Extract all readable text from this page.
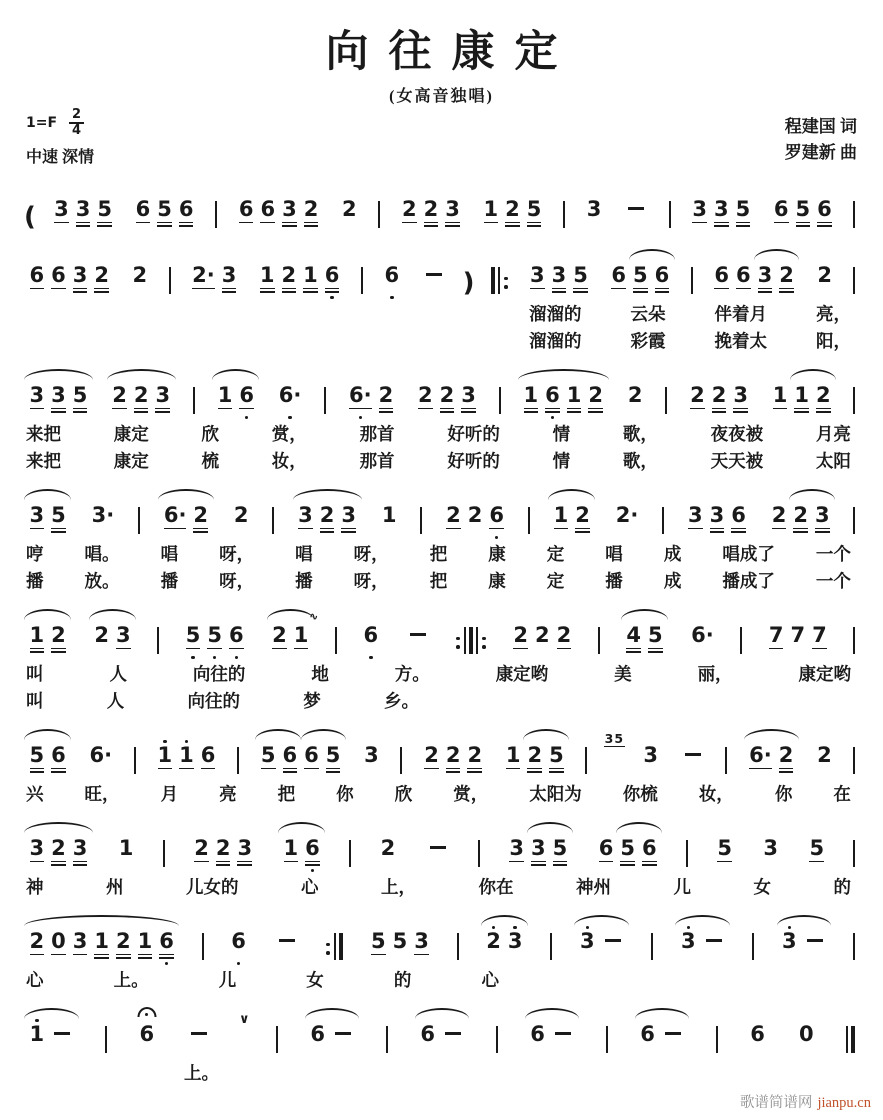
向往康定
(女高音独唱)
$1=F \frac{2}{4}$
中速 深情
程建国 词
罗建新 曲
( 3 3 5 6 5 6 6 6 3 2 2 2 2 3 1 2 5 3	3 3 5 6 5 6
6 6 3 2 2 2· 3 1 2 1 6 6 )	3 3 5 6 5 6 6 6 3 2 2
溜溜的	云朵	伴着月	亮，
溜溜的	彩霞	挽着太	阳，
3 3 5 2 2 3 1 6 6· 6· 2 2 2 3 1 6 1 2 2 2 2 3 1 1 2
来把	康定	欣	赏，	那首	好听的	情	歌，	夜夜被	月亮
来把	康定	梳	妆，	那首	好听的	情	歌，	天天被	太阳
3 5 3· 6· 2 2 3 2 3 1 2 2 6 1 2 2· 3 3 6 2 2 3
哼 唱。 唱 呀， 唱 呀， 把 康 定 唱 成 唱成了 一个
播 放。 播 呀， 播 呀， 把 康 定 播 成 播成了 一个
1 2 2 3	5 5 6 2 1
∿
6	2 2 2	4 5 6·	7 7 7
叫	人	向往的	地	方。	康定哟	美	丽，	康定哟
叫	人	向往的	梦	乡。
5 6 6· 1 1 6 5 6 6 5 3 2 2 2 1 2 5
35
3	6· 2 2
兴 旺， 月 亮 把 你 欣 赏， 太阳为 你梳 妆， 你 在
3 2 3 1	2 2 3 1 6	2	3 3 5 6 5 6	5 3 5
神	州	儿女的	心	上，	你在	神州	儿	女	的
2 0 3 1 2 1 6	6	5 5 3	2 3	3	3	3
心	上。	儿	女	的	心
1	6
∨
6	6	6	6	6 0
上。
歌谱简谱网 jianpu.cn
